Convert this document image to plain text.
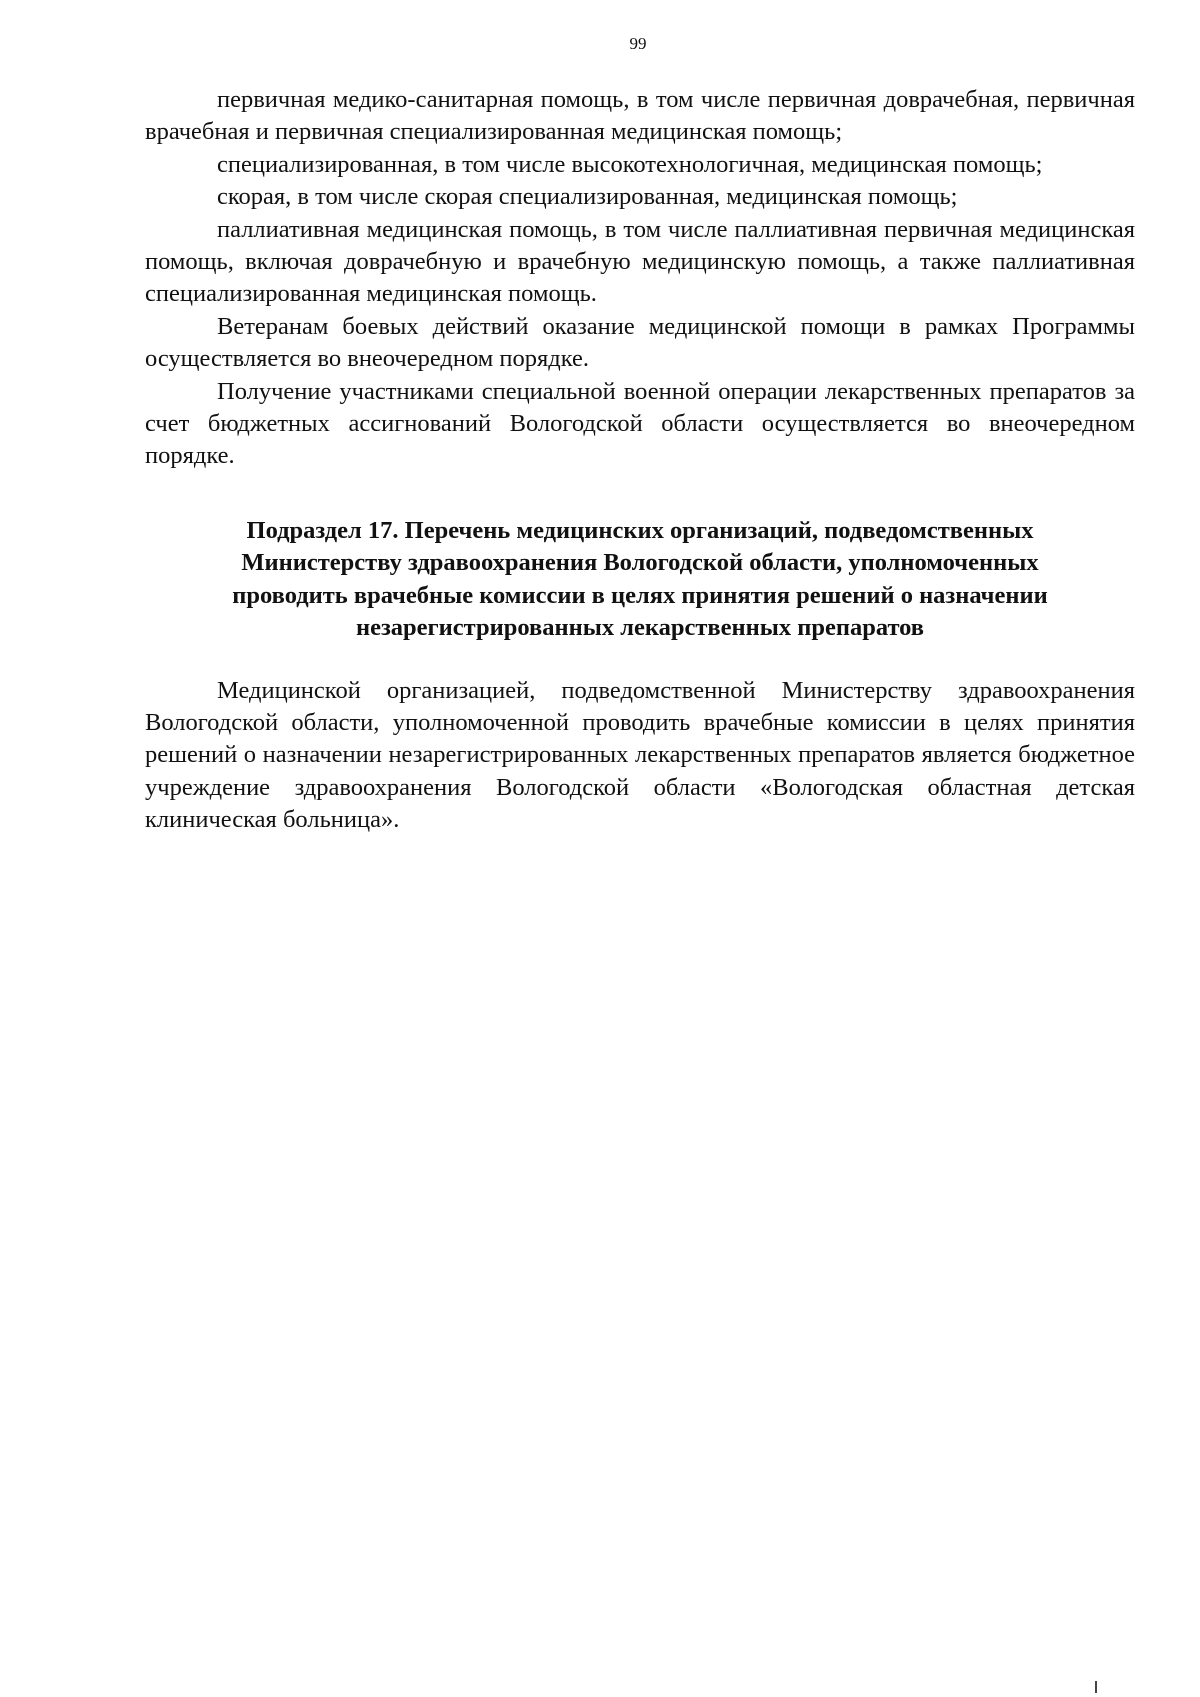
99

первичная медико-санитарная помощь, в том числе первичная доврачебная, первичная врачебная и первичная специализированная медицинская помощь;

специализированная, в том числе высокотехнологичная, медицинская помощь;

скорая, в том числе скорая специализированная, медицинская помощь;

паллиативная медицинская помощь, в том числе паллиативная первичная медицинская помощь, включая доврачебную и врачебную медицинскую помощь, а также паллиативная специализированная медицинская помощь.

Ветеранам боевых действий оказание медицинской помощи в рамках Программы осуществляется во внеочередном порядке.

Получение участниками специальной военной операции лекарственных препаратов за счет бюджетных ассигнований Вологодской области осуществляется во внеочередном порядке.

Подраздел 17. Перечень медицинских организаций, подведомственных
Министерству здравоохранения Вологодской области, уполномоченных
проводить врачебные комиссии в целях принятия решений о назначении
незарегистрированных лекарственных препаратов

Медицинской организацией, подведомственной Министерству здравоохранения Вологодской области, уполномоченной проводить врачебные комиссии в целях принятия решений о назначении незарегистрированных лекарственных препаратов является бюджетное учреждение здравоохранения Вологодской области «Вологодская областная детская клиническая больница».
